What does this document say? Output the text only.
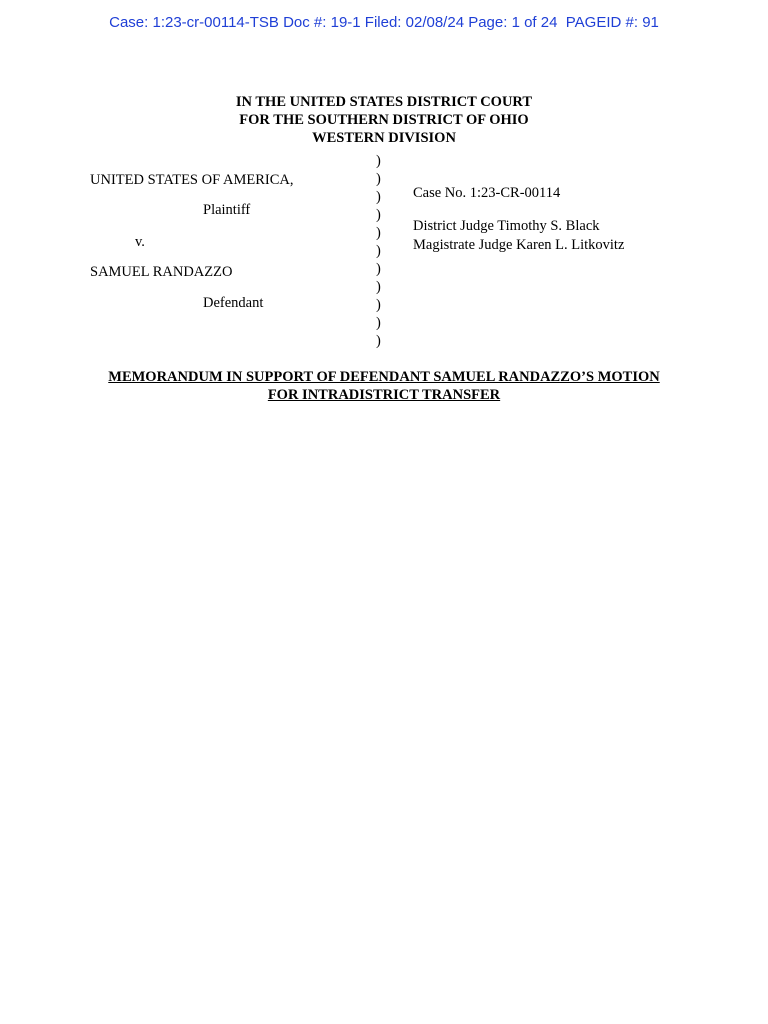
Case: 1:23-cr-00114-TSB Doc #: 19-1 Filed: 02/08/24 Page: 1 of 24  PAGEID #: 91
IN THE UNITED STATES DISTRICT COURT
FOR THE SOUTHERN DISTRICT OF OHIO
WESTERN DIVISION
UNITED STATES OF AMERICA,
Plaintiff
v.
SAMUEL RANDAZZO
Defendant
)
)
)
)
)
)
)
)
)
)
)
Case No. 1:23-CR-00114
District Judge Timothy S. Black
Magistrate Judge Karen L. Litkovitz
MEMORANDUM IN SUPPORT OF DEFENDANT SAMUEL RANDAZZO’S MOTION
FOR INTRADISTRICT TRANSFER
